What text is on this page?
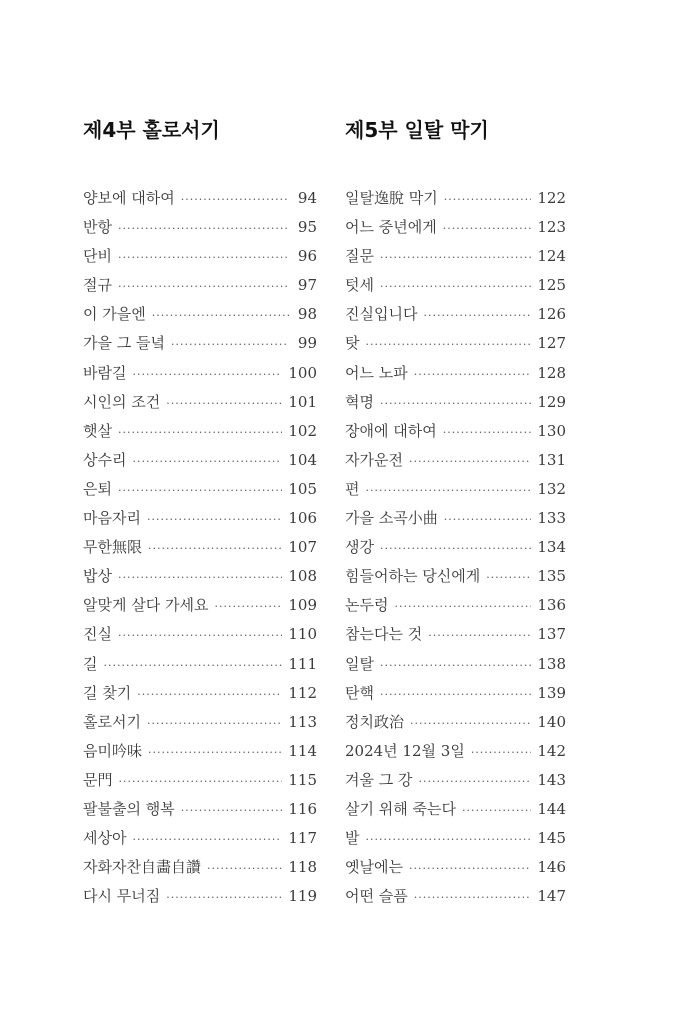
제4부 홀로서기
양보에 대하여 ·····	94
반항 ·····	95
단비 ·····	96
절규 ·····	97
이 가을엔 ·····	98
가을 그 들녘 ·····	99
바람길 ·····	100
시인의 조건 ·····	101
햇살 ·····	102
상수리 ·····	104
은퇴 ·····	105
마음자리 ·····	106
무한無限 ·····	107
밥상 ·····	108
알맞게 살다 가세요 ·····	109
진실 ·····	110
길 ·····	111
길 찾기 ·····	112
홀로서기 ·····	113
음미吟味 ·····	114
문門 ·····	115
팔불출의 행복 ·····	116
세상아 ·····	117
자화자찬自畵自讚 ·····	118
다시 무너짐 ·····	119
제5부 일탈 막기
일탈逸脫 막기 ·····	122
어느 중년에게 ·····	123
질문 ·····	124
텃세 ·····	125
진실입니다 ·····	126
탓 ·····	127
어느 노파 ·····	128
혁명 ·····	129
장애에 대하여 ·····	130
자가운전 ·····	131
편 ·····	132
가을 소곡小曲 ·····	133
생강 ·····	134
힘들어하는 당신에게 ·····	135
논두렁 ·····	136
참는다는 것 ·····	137
일탈 ·····	138
탄핵 ·····	139
정치政治 ·····	140
2024년 12월 3일 ·····	142
겨울 그 강 ·····	143
살기 위해 죽는다 ·····	144
발 ·····	145
옛날에는 ·····	146
어떤 슬픔 ·····	147
